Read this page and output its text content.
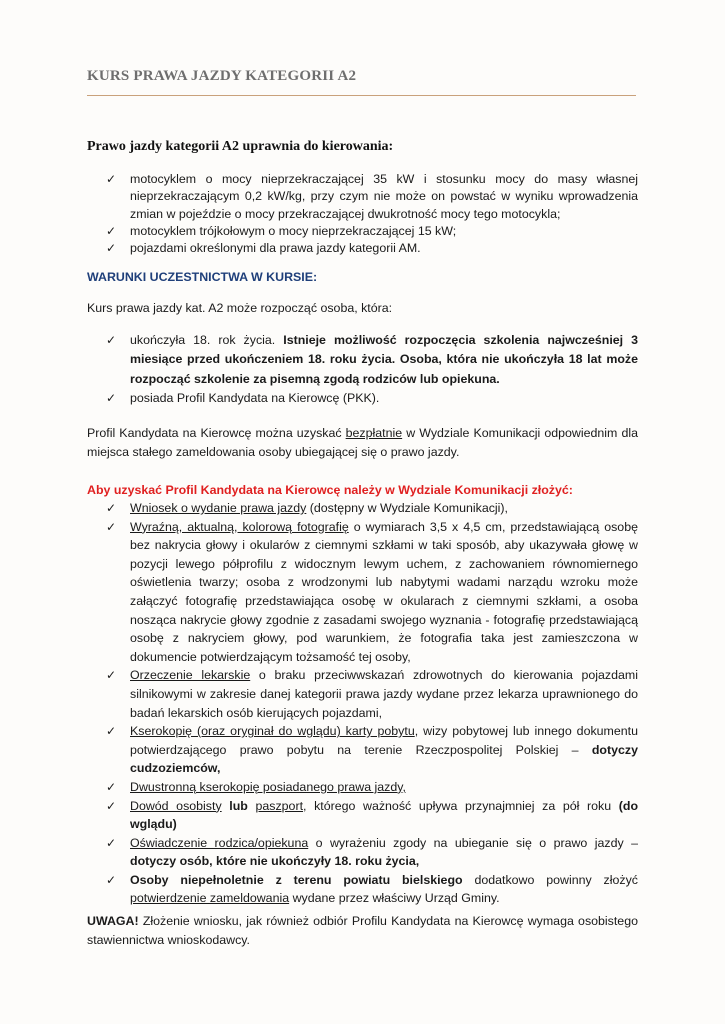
KURS PRAWA JAZDY KATEGORII A2
Prawo jazdy kategorii A2 uprawnia do kierowania:
✓ motocyklem o mocy nieprzekraczającej 35 kW i stosunku mocy do masy własnej nieprzekraczającym 0,2 kW/kg, przy czym nie może on powstać w wyniku wprowadzenia zmian w pojeździe o mocy przekraczającej dwukrotność mocy tego motocykla;
✓ motocyklem trójkołowym o mocy nieprzekraczającej 15 kW;
✓ pojazdami określonymi dla prawa jazdy kategorii AM.
WARUNKI UCZESTNICTWA W KURSIE:
Kurs prawa jazdy kat. A2 może rozpocząć osoba, która:
✓ ukończyła 18. rok życia. Istnieje możliwość rozpoczęcia szkolenia najwcześniej 3 miesiące przed ukończeniem 18. roku życia. Osoba, która nie ukończyła 18 lat może rozpocząć szkolenie za pisemną zgodą rodziców lub opiekuna.
✓ posiada Profil Kandydata na Kierowcę (PKK).
Profil Kandydata na Kierowcę można uzyskać bezpłatnie w Wydziale Komunikacji odpowiednim dla miejsca stałego zameldowania osoby ubiegającej się o prawo jazdy.
Aby uzyskać Profil Kandydata na Kierowcę należy w Wydziale Komunikacji złożyć:
✓ Wniosek o wydanie prawa jazdy (dostępny w Wydziale Komunikacji),
✓ Wyraźną, aktualną, kolorową fotografię o wymiarach 3,5 x 4,5 cm, przedstawiającą osobę bez nakrycia głowy i okularów z ciemnymi szkłami w taki sposób, aby ukazywała głowę w pozycji lewego półprofilu z widocznym lewym uchem, z zachowaniem równomiernego oświetlenia twarzy; osoba z wrodzonymi lub nabytymi wadami narządu wzroku może załączyć fotografię przedstawiająca osobę w okularach z ciemnymi szkłami, a osoba nosząca nakrycie głowy zgodnie z zasadami swojego wyznania - fotografię przedstawiającą osobę z nakryciem głowy, pod warunkiem, że fotografia taka jest zamieszczona w dokumencie potwierdzającym tożsamość tej osoby,
✓ Orzeczenie lekarskie o braku przeciwwskazań zdrowotnych do kierowania pojazdami silnikowymi w zakresie danej kategorii prawa jazdy wydane przez lekarza uprawnionego do badań lekarskich osób kierujących pojazdami,
✓ Kserokopię (oraz oryginał do wglądu) karty pobytu, wizy pobytowej lub innego dokumentu potwierdzającego prawo pobytu na terenie Rzeczpospolitej Polskiej – dotyczy cudzoziemców,
✓ Dwustronną kserokopię posiadanego prawa jazdy,
✓ Dowód osobisty lub paszport, którego ważność upływa przynajmniej za pół roku (do wglądu)
✓ Oświadczenie rodzica/opiekuna o wyrażeniu zgody na ubieganie się o prawo jazdy – dotyczy osób, które nie ukończyły 18. roku życia,
✓ Osoby niepełnoletnie z terenu powiatu bielskiego dodatkowo powinny złożyć potwierdzenie zameldowania wydane przez właściwy Urząd Gminy.
UWAGA! Złożenie wniosku, jak również odbiór Profilu Kandydata na Kierowcę wymaga osobistego stawiennictwa wnioskodawcy.
